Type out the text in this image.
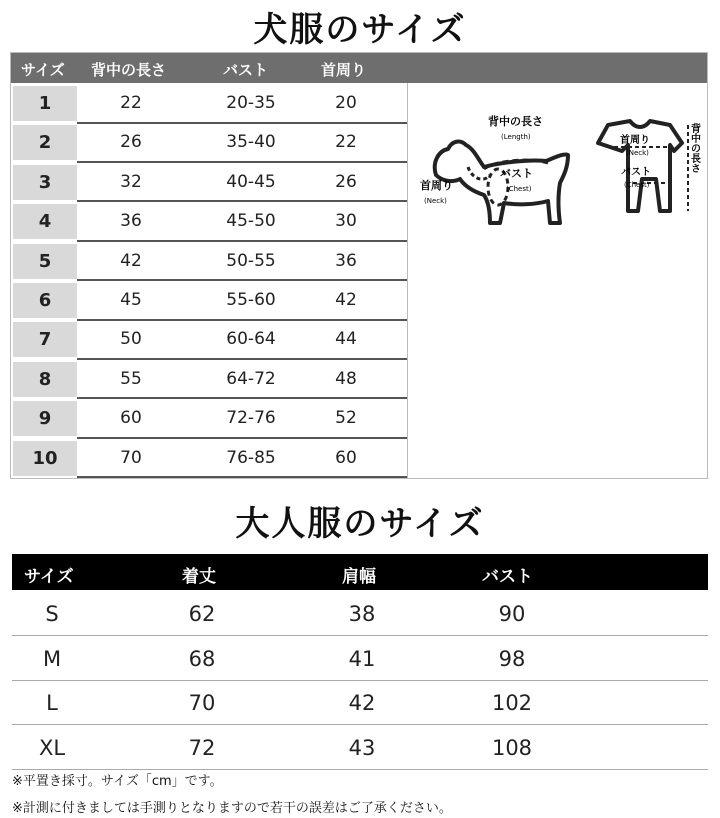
犬服のサイズ
サイズ 背中の長さ	バスト	首周り
1	22	20-35	20
2	26	35-40	22
3	32	40-45	26
4	36	45-50	30
5	42	50-55	36
6	45	55-60	42
7	50	60-64	44
8	55	64-72	48
9	60	72-76	52
10	70	76-85	60
背中の長さ
(Length)
バスト
(Chest)
首周り
(Neck)
首周り
(Neck)
バスト
(Chest)
背中の長さ
大人服のサイズ
サイズ	着丈	肩幅	バスト
S	62	38	90
M	68	41	98
L	70	42	102
XL	72	43	108
※平置き採寸。サイズ「cm」です。
※計測に付きましては手測りとなりますので若干の誤差はご了承ください。
